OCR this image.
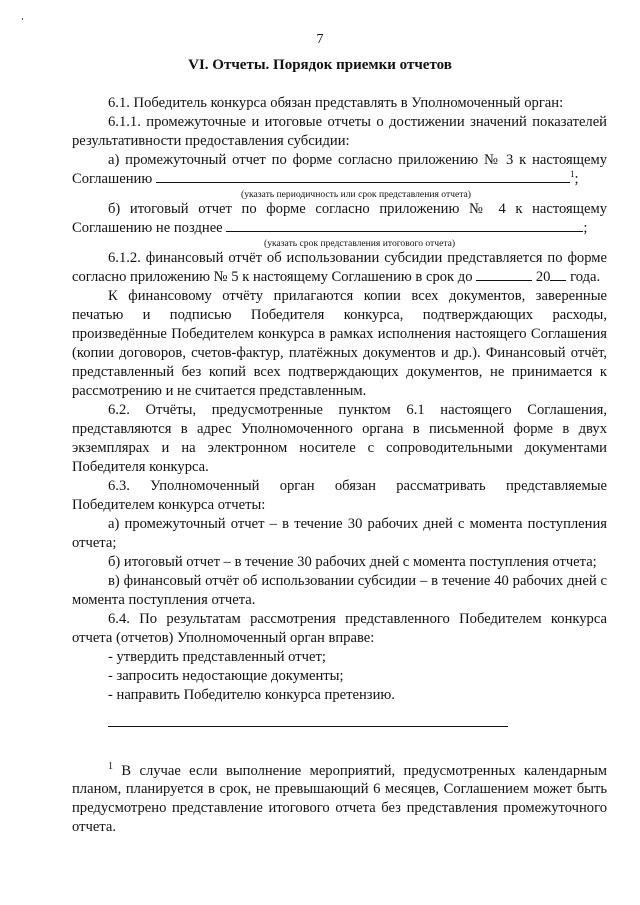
7
VI. Отчеты. Порядок приемки отчетов

6.1. Победитель конкурса обязан представлять в Уполномоченный орган:

6.1.1. промежуточные и итоговые отчеты о достижении значений показателей результативности предоставления субсидии:

а) промежуточный отчет по форме согласно приложению № 3 к настоящему

Соглашению	$^1$;

(указать периодичность или срок представления отчета)

б) итоговый отчет по форме согласно приложению № 4 к настоящему

Соглашению не позднее	;

(указать срок представления итогового отчета)

6.1.2. финансовый отчёт об использовании субсидии представляется по форме согласно приложению № 5 к настоящему Соглашению в срок до	20 года.

К финансовому отчёту прилагаются копии всех документов, заверенные печатью и подписью Победителя конкурса, подтверждающих расходы, произведённые Победителем конкурса в рамках исполнения настоящего Соглашения (копии договоров, счетов-фактур, платёжных документов и др.). Финансовый отчёт, представленный без копий всех подтверждающих документов, не принимается к рассмотрению и не считается представленным.

6.2. Отчёты, предусмотренные пунктом 6.1 настоящего Соглашения, представляются в адрес Уполномоченного органа в письменной форме в двух экземплярах и на электронном носителе с сопроводительными документами Победителя конкурса.

6.3. Уполномоченный орган обязан рассматривать представляемые Победителем конкурса отчеты:

а) промежуточный отчет – в течение 30 рабочих дней с момента поступления отчета;

б) итоговый отчет – в течение 30 рабочих дней с момента поступления отчета;

в) финансовый отчёт об использовании субсидии – в течение 40 рабочих дней с момента поступления отчета.

6.4. По результатам рассмотрения представленного Победителем конкурса отчета (отчетов) Уполномоченный орган вправе:

- утвердить представленный отчет;

- запросить недостающие документы;

- направить Победителю конкурса претензию.

$^1$ В случае если выполнение мероприятий, предусмотренных календарным планом, планируется в срок, не превышающий 6 месяцев, Соглашением может быть предусмотрено представление итогового отчета без представления промежуточного отчета.
